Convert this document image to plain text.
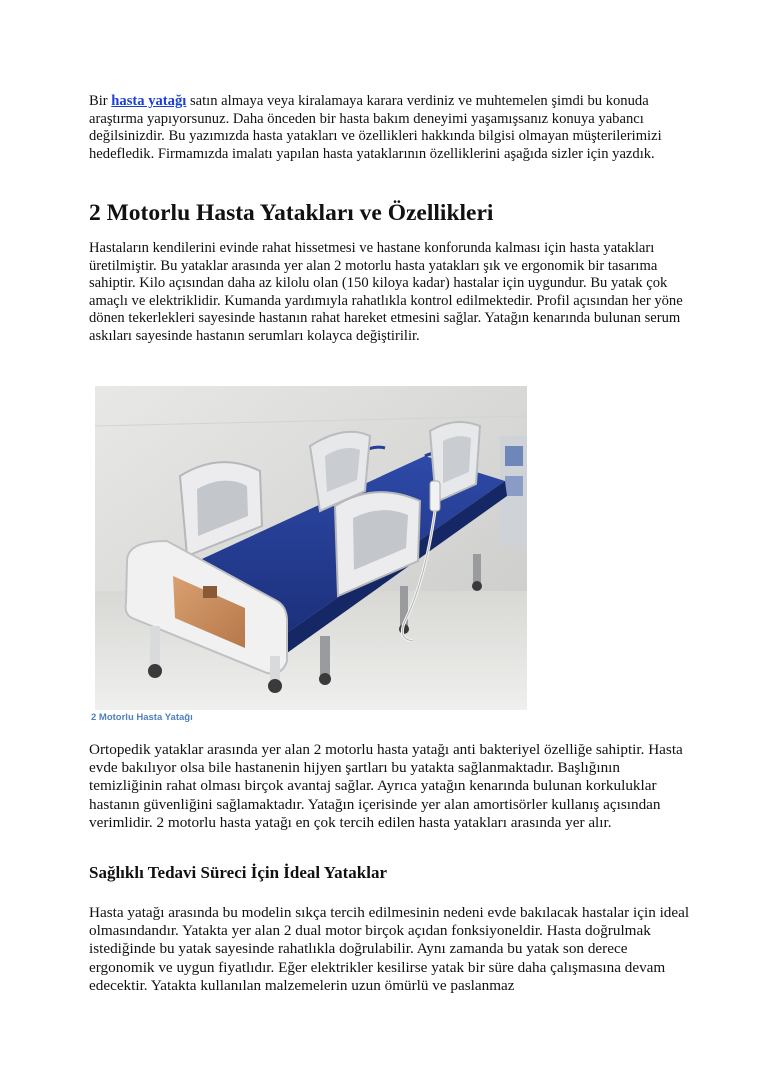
Bir hasta yatağı satın almaya veya kiralamaya karara verdiniz ve muhtemelen şimdi bu konuda araştırma yapıyorsunuz. Daha önceden bir hasta bakım deneyimi yaşamışsanız konuya yabancı değilsinizdir. Bu yazımızda hasta yatakları ve özellikleri hakkında bilgisi olmayan müşterilerimizi hedefledik. Firmamızda imalatı yapılan hasta yataklarının özelliklerini aşağıda sizler için yazdık.

2 Motorlu Hasta Yatakları ve Özellikleri

Hastaların kendilerini evinde rahat hissetmesi ve hastane konforunda kalması için hasta yatakları üretilmiştir. Bu yataklar arasında yer alan 2 motorlu hasta yatakları şık ve ergonomik bir tasarıma sahiptir. Kilo açısından daha az kilolu olan (150 kiloya kadar) hastalar için uygundur. Bu yatak çok amaçlı ve elektriklidir. Kumanda yardımıyla rahatlıkla kontrol edilmektedir. Profil açısından her yöne dönen tekerlekleri sayesinde hastanın rahat hareket etmesini sağlar. Yatağın kenarında bulunan serum askıları sayesinde hastanın serumları kolayca değiştirilir.

2 Motorlu Hasta Yatağı

Ortopedik yataklar arasında yer alan 2 motorlu hasta yatağı anti bakteriyel özelliğe sahiptir. Hasta evde bakılıyor olsa bile hastanenin hijyen şartları bu yatakta sağlanmaktadır. Başlığının temizliğinin rahat olması birçok avantaj sağlar. Ayrıca yatağın kenarında bulunan korkuluklar hastanın güvenliğini sağlamaktadır. Yatağın içerisinde yer alan amortisörler kullanış açısından verimlidir. 2 motorlu hasta yatağı en çok tercih edilen hasta yatakları arasında yer alır.

Sağlıklı Tedavi Süreci İçin İdeal Yataklar

Hasta yatağı arasında bu modelin sıkça tercih edilmesinin nedeni evde bakılacak hastalar için ideal olmasındandır. Yatakta yer alan 2 dual motor birçok açıdan fonksiyoneldir. Hasta doğrulmak istediğinde bu yatak sayesinde rahatlıkla doğrulabilir. Aynı zamanda bu yatak son derece ergonomik ve uygun fiyatlıdır. Eğer elektrikler kesilirse yatak bir süre daha çalışmasına devam edecektir. Yatakta kullanılan malzemelerin uzun ömürlü ve paslanmaz
